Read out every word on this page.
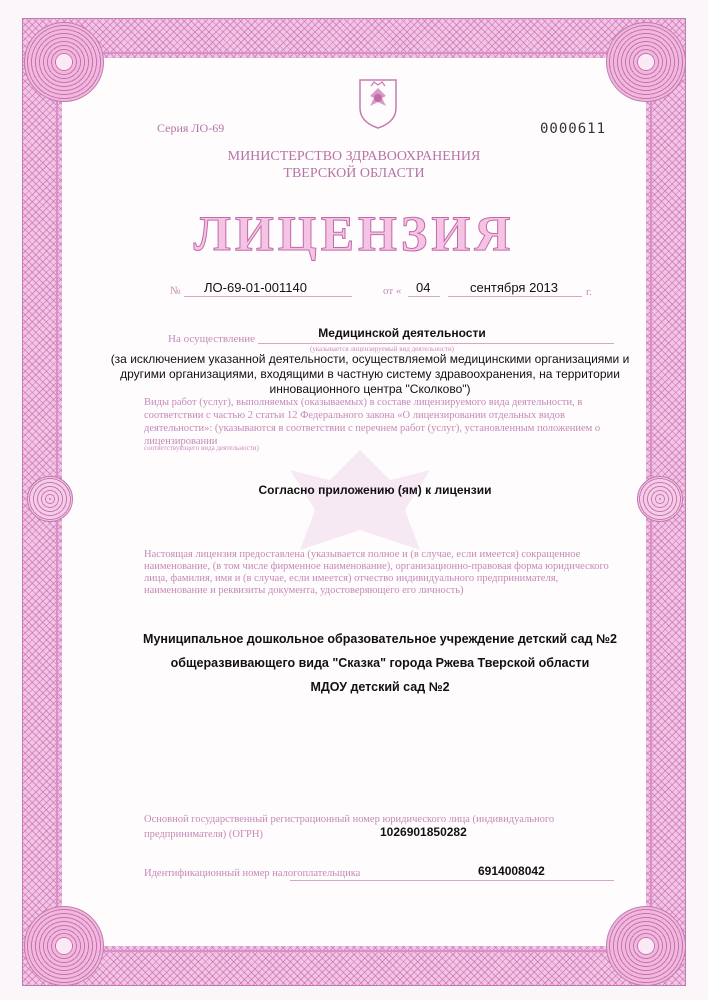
Серия ЛО-69	0000611
МИНИСТЕРСТВО ЗДРАВООХРАНЕНИЯ
ТВЕРСКОЙ ОБЛАСТИ
ЛИЦЕНЗИЯ
№ ЛО-69-01-001140	от « 04	сентября 2013	г.
На осуществление	Медицинской деятельности
(указывается лицензируемый вид деятельности)
(за исключением указанной деятельности, осуществляемой медицинскими организациями и другими организациями, входящими в частную систему здравоохранения, на территории инновационного центра "Сколково")
Виды работ (услуг), выполняемых (оказываемых) в составе лицензируемого вида деятельности, в соответствии с частью 2 статьи 12 Федерального закона «О лицензировании отдельных видов деятельности»: (указываются в соответствии с перечнем работ (услуг), установленным положением о лицензировании
соответствующего вида деятельности)
Согласно приложению (ям) к лицензии
Настоящая лицензия предоставлена (указывается полное и (в случае, если имеется) сокращенное наименование, (в том числе фирменное наименование), организационно-правовая форма юридического лица, фамилия, имя и (в случае, если имеется) отчество индивидуального предпринимателя, наименование и реквизиты документа, удостоверяющего его личность)
Муниципальное дошкольное образовательное учреждение детский сад №2
общеразвивающего вида "Сказка" города Ржева Тверской области
МДОУ детский сад №2
Основной государственный регистрационный номер юридического лица (индивидуального предпринимателя) (ОГРН)	1026901850282
Идентификационный номер налогоплательщика	6914008042
